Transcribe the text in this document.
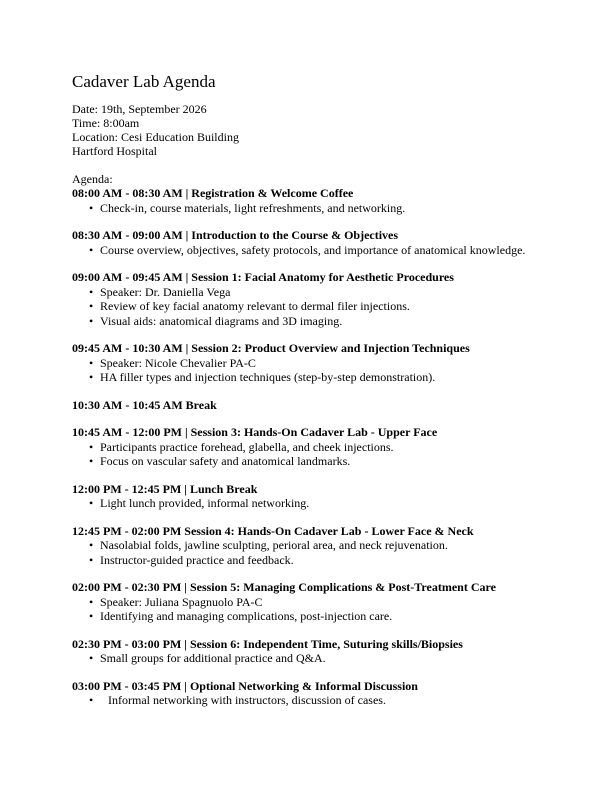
Cadaver Lab Agenda
Date: 19th, September 2026
Time: 8:00am
Location: Cesi Education Building
Hartford Hospital
Agenda:
08:00 AM - 08:30 AM | Registration & Welcome Coffee
• Check-in, course materials, light refreshments, and networking.
08:30 AM - 09:00 AM | Introduction to the Course & Objectives
• Course overview, objectives, safety protocols, and importance of anatomical knowledge.
09:00 AM - 09:45 AM | Session 1: Facial Anatomy for Aesthetic Procedures
• Speaker: Dr. Daniella Vega
• Review of key facial anatomy relevant to dermal filer injections.
• Visual aids: anatomical diagrams and 3D imaging.
09:45 AM - 10:30 AM | Session 2: Product Overview and Injection Techniques
• Speaker: Nicole Chevalier PA-C
• HA filler types and injection techniques (step-by-step demonstration).
10:30 AM - 10:45 AM Break
10:45 AM - 12:00 PM | Session 3: Hands-On Cadaver Lab - Upper Face
• Participants practice forehead, glabella, and cheek injections.
• Focus on vascular safety and anatomical landmarks.
12:00 PM - 12:45 PM | Lunch Break
• Light lunch provided, informal networking.
12:45 PM - 02:00 PM Session 4: Hands-On Cadaver Lab - Lower Face & Neck
• Nasolabial folds, jawline sculpting, perioral area, and neck rejuvenation.
• Instructor-guided practice and feedback.
02:00 PM - 02:30 PM | Session 5: Managing Complications & Post-Treatment Care
• Speaker: Juliana Spagnuolo PA-C
• Identifying and managing complications, post-injection care.
02:30 PM - 03:00 PM | Session 6: Independent Time, Suturing skills/Biopsies
• Small groups for additional practice and Q&A.
03:00 PM - 03:45 PM | Optional Networking & Informal Discussion
• Informal networking with instructors, discussion of cases.
